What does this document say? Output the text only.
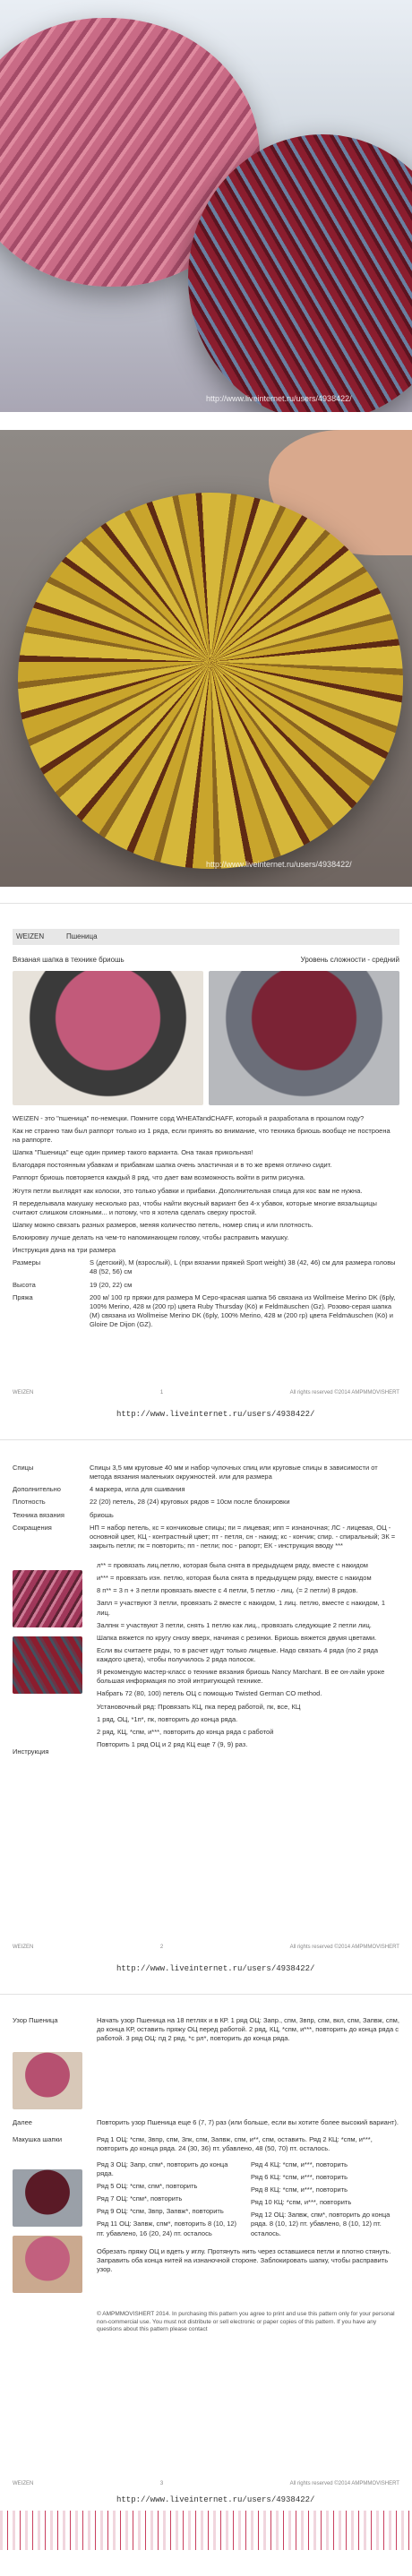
http://www.liveinternet.ru/users/4938422/
http://www.liveinternet.ru/users/4938422/
WEIZEN	Пшеница
Вязаная шапка в технике бриошь	Уровень сложности - средний

WEIZEN - это "пшеница" по-немецки. Помните сорд WHEATandCHAFF, который я разработала в прошлом году?

Как не странно там был раппорт только из 1 ряда, если принять во внимание, что техника бриошь вообще не построена на раппорте.

Шапка "Пшеница" еще один пример такого варианта. Она такая прикольная!

Благодаря постоянным убавкам и прибавкам шапка очень эластичная и в то же время отлично сидит.

Раппорт бриошь повторяется каждый 8 ряд, что дает вам возможность войти в ритм рисунка.

Жгутя петли выглядят как колоски, это только убавки и прибавки. Дополнительная спица для кос вам не нужна.

Я переделывала макушку несколько раз, чтобы найти вкусный вариант без 4-х убавок, которые многие вязальщицы считают слишком сложными... и потому, что я хотела сделать сверху простой.

Шапку можно связать разных размеров, меняя количество петель, номер спиц и или плотность.

Блокировку лучше делать на чем-то напоминающем голову, чтобы расправить макушку.

Инструкция дана на три размера

Размеры	S (детский), M (взрослый), L (при вязании пряжей Sport weight) 38 (42, 46) см для размера головы 48 (52, 56) см
Высота	19 (20, 22) см
Пряжа	200 м/ 100 гр пряжи для размера M Серо-красная шапка 56 связана из Wollmeise Merino DK (6ply, 100% Merino, 428 м (200 гр) цвета Ruby Thursday (Kö) и Feldmäuschen (Gz). Розово-серая шапка (M) связана из Wollmeise Merino DK (6ply, 100% Merino, 428 м (200 гр) цвета Feldmäuschen (Kö) и Gloire De Dijon (GZ).
WEIZEN	1	All rights reserved ©2014 AMPMMOVISHERT
http://www.liveinternet.ru/users/4938422/
Спицы	Спицы 3,5 мм круговые 40 мм и набор чулочных спиц или круговые спицы в зависимости от метода вязания маленьких окружностей. или для размера
Дополнительно	4 маркера, игла для сшивания
Плотность	22 (20) петель, 28 (24) круговых рядов = 10см после блокировки
Техника вязания	бриошь
Сокращения	НП = набор петель, кс = кончиковые спицы; пи = лицевая; ипп = изнаночная; ЛС - лицевая, ОЦ - основной цвет, КЦ - контрастный цвет; пт - петля, сн - накид; кс - кончик; спир. - спиральный; ЗК = закрыть петли; пк = повторить; пп - петли; пос - рапорт; ЕК - инструкция вводу ***
Инструкция

л** = провязать лиц.петлю, которая была снята в предыдущем ряду, вместе с накидом

и*** = провязать изн. петлю, которая была снята в предыдущем ряду, вместе с накидом

8 п** = 3 п + 3 петли провязать вместе с 4 петли, 5 петлю - лиц. (= 2 петли) 8 рядов.

Запл = участвуют 3 петли, провязать 2 вместе с накидом, 1 лиц. петлю, вместе с накидом, 1 лиц.

Залпнк = участвуют 3 петли, снять 1 петлю как лиц., провязать следующие 2 петли лиц.

Шапка вяжется по кругу снизу вверх, начиная с резинки. Бриошь вяжется двумя цветами.

Если вы считаете ряды, то в расчет идут только лицевые. Надо связать 4 ряда (по 2 ряда каждого цвета), чтобы получилось 2 ряда полосок.

Я рекомендую мастер-класс о технике вязания бриошь Nancy Marchant. В ее он-лайн уроке большая информация по этой интригующей технике.

Набрать 72 (80, 100) петель ОЦ с помощью Twisted German CO method.

Установочный ряд: Провязать КЦ, пка перед работой, пк, все, КЦ

1 ряд, ОЦ, *1п*, пк, повторить до конца ряда.

2 ряд, КЦ, *спм, и***, повторить до конца ряда с работой

Повторить 1 ряд ОЦ и 2 ряд КЦ еще 7 (9, 9) раз.

WEIZEN	2	All rights reserved ©2014 AMPMMOVISHERT
http://www.liveinternet.ru/users/4938422/
Узор Пшеница	Начать узор Пшеница на 18 петлях и в КР. 1 ряд ОЦ: Запр., спм, 3впр, спм, вкл, спм, Запвж, спм, до конца КР, оставить пряжу ОЦ перед работой. 2 ряд, КЦ, *спм, и***, повторить до конца ряда с работой. 3 ряд ОЦ: пд 2 ряд, *с рл*, повторить до конца ряда.
Далее	Повторить узор Пшеница еще 6 (7, 7) раз (или больше, если вы хотите более высокий вариант).
Макушка шапки	Ряд 1 ОЦ: *спм, 3впр, спм, 3пк, спм, Запвж, спм, и**, спм, оставить. Ряд 2 КЦ: *спм, и***, повторить до конца ряда. 24 (30, 36) пт. убавлено, 48 (50, 70) пт. осталось.

Ряд 3 ОЦ: Запр, спм*, повторить до конца ряда.

Ряд 5 ОЦ: *спм, спм*, повторить

Ряд 7 ОЦ: *спм*, повторить

Ряд 9 ОЦ: *спм, 3впр, Запвж*, повторить

Ряд 11 ОЦ: Запвж, спм*, повторить 8 (10, 12) пт. убавлено, 16 (20, 24) пт. осталось

Ряд 4 КЦ: *спм, и***, повторить

Ряд 6 КЦ: *спм, и***, повторить

Ряд 8 КЦ: *спм, и***, повторить

Ряд 10 КЦ: *спм, и***, повторить

Ряд 12 ОЦ: Запвж, спм*, повторить до конца ряда. 8 (10, 12) пт. убавлено, 8 (10, 12) пт. осталось.

Обрезать пряжу ОЦ и вдеть у иглу. Протянуть нить через оставшиеся петли и плотно стянуть. Заправить оба конца нитей на изнаночной стороне. Заблокировать шапку, чтобы расправить узор.

© AMPMMOVISHERT 2014. In purchasing this pattern you agree to print and use this pattern only for your personal non-commercial use. You must not distribute or sell electronic or paper copies of this pattern. If you have any questions about this pattern please contact

WEIZEN	3	All rights reserved ©2014 AMPMMOVISHERT
http://www.liveinternet.ru/users/4938422/
